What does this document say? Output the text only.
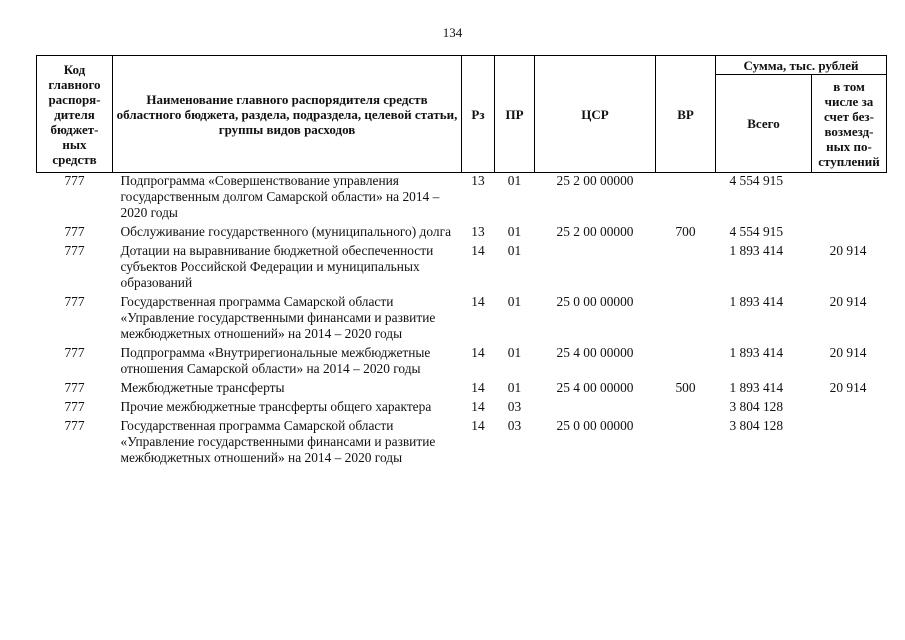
134
Код главного распоря- дителя бюджет- ных средств	Наименование главного распорядителя средств областного бюджета, раздела, подраздела, целевой статьи, группы видов расходов	Рз	ПР	ЦСР	ВР	Сумма, тыс. рублей	
						Всего	в том числе за счет без- возмезд- ных по- ступлений
777	Подпрограмма «Совершенствование управления государственным долгом Самарской области» на 2014 – 2020 годы	13	01	25 2 00 00000		4 554 915	
777	Обслуживание государственного (муниципального) долга	13	01	25 2 00 00000	700	4 554 915	
777	Дотации на выравнивание бюджетной обеспеченности субъектов Российской Федерации и муниципальных образований	14	01			1 893 414	20 914
777	Государственная программа Самарской области «Управление государственными финансами и развитие межбюджетных отношений» на 2014 – 2020 годы	14	01	25 0 00 00000		1 893 414	20 914
777	Подпрограмма «Внутрирегиональные межбюджетные отношения Самарской области» на 2014 – 2020 годы	14	01	25 4 00 00000		1 893 414	20 914
777	Межбюджетные трансферты	14	01	25 4 00 00000	500	1 893 414	20 914
777	Прочие межбюджетные трансферты общего характера	14	03			3 804 128	
777	Государственная программа Самарской области «Управление государственными финансами и развитие межбюджетных отношений» на 2014 – 2020 годы	14	03	25 0 00 00000		3 804 128	
